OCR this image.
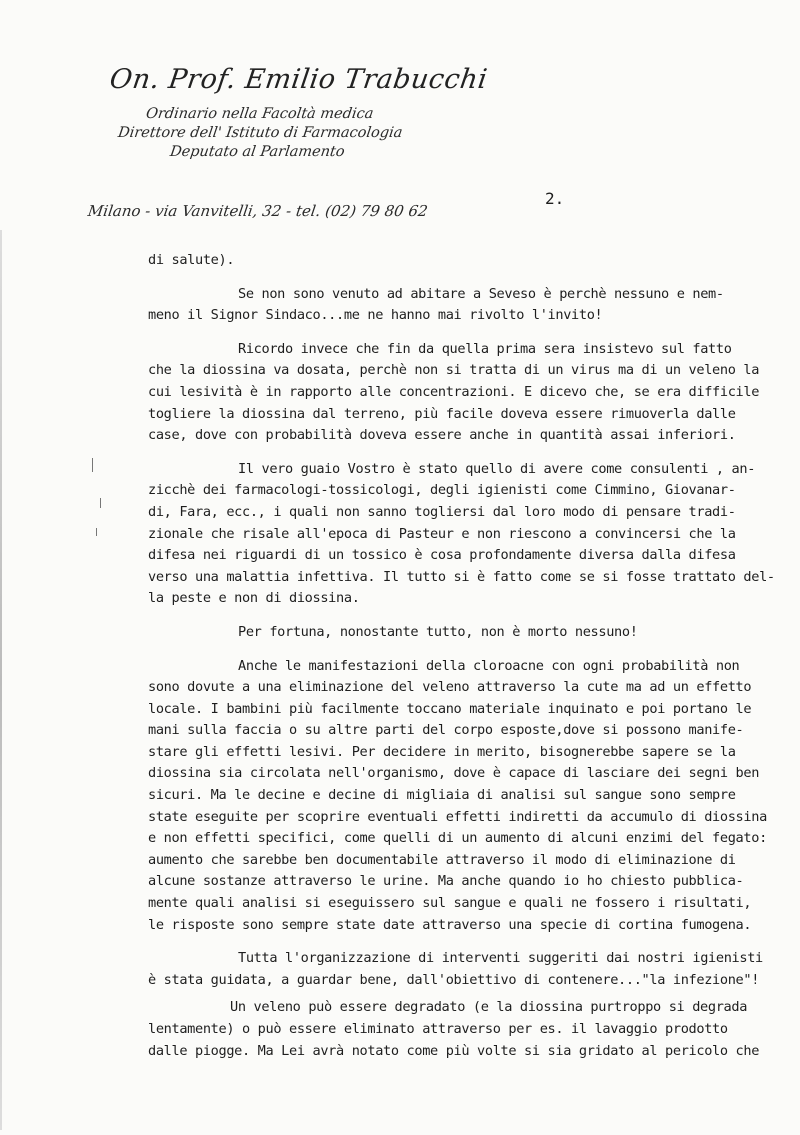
On. Prof. Emilio Trabucchi
Ordinario nella Facoltà medica
Direttore dell' Istituto di Farmacologia
Deputato al Parlamento
Milano - via Vanvitelli, 32 - tel. (02) 79 80 62
2.
di salute).
Se non sono venuto ad abitare a Seveso è perchè nessuno e nem-
meno il Signor Sindaco...me ne hanno mai rivolto l'invito!
Ricordo invece che fin da quella prima sera insistevo sul fatto
che la diossina va dosata, perchè non si tratta di un virus ma di un veleno la
cui lesività è in rapporto alle concentrazioni. E dicevo che, se era difficile
togliere la diossina dal terreno, più facile doveva essere rimuoverla dalle
case, dove con probabilità doveva essere anche in quantità assai inferiori.
Il vero guaio Vostro è stato quello di avere come consulenti , an-
zicchè dei farmacologi-tossicologi, degli igienisti come Cimmino, Giovanar-
di, Fara, ecc., i quali non sanno togliersi dal loro modo di pensare tradi-
zionale che risale all'epoca di Pasteur e non riescono a convincersi che la
difesa nei riguardi di un tossico è cosa profondamente diversa dalla difesa
verso una malattia infettiva. Il tutto si è fatto come se si fosse trattato del-
la peste e non di diossina.
Per fortuna, nonostante tutto, non è morto nessuno!
Anche le manifestazioni della cloroacne con ogni probabilità non
sono dovute a una eliminazione del veleno attraverso la cute ma ad un effetto
locale. I bambini più facilmente toccano materiale inquinato e poi portano le
mani sulla faccia o su altre parti del corpo esposte,dove si possono manife-
stare gli effetti lesivi. Per decidere in merito, bisognerebbe sapere se la
diossina sia circolata nell'organismo, dove è capace di lasciare dei segni ben
sicuri. Ma le decine e decine di migliaia di analisi sul sangue sono sempre
state eseguite per scoprire eventuali effetti indiretti da accumulo di diossina
e non effetti specifici, come quelli di un aumento di alcuni enzimi del fegato:
aumento che sarebbe ben documentabile attraverso il modo di eliminazione di
alcune sostanze attraverso le urine. Ma anche quando io ho chiesto pubblica-
mente quali analisi si eseguissero sul sangue e quali ne fossero i risultati,
le risposte sono sempre state date attraverso una specie di cortina fumogena.
Tutta l'organizzazione di interventi suggeriti dai nostri igienisti
è stata guidata, a guardar bene, dall'obiettivo di contenere..."la infezione"!
Un veleno può essere degradato (e la diossina purtroppo si degrada
lentamente) o può essere eliminato attraverso per es. il lavaggio prodotto
dalle piogge. Ma Lei avrà notato come più volte si sia gridato al pericolo che
